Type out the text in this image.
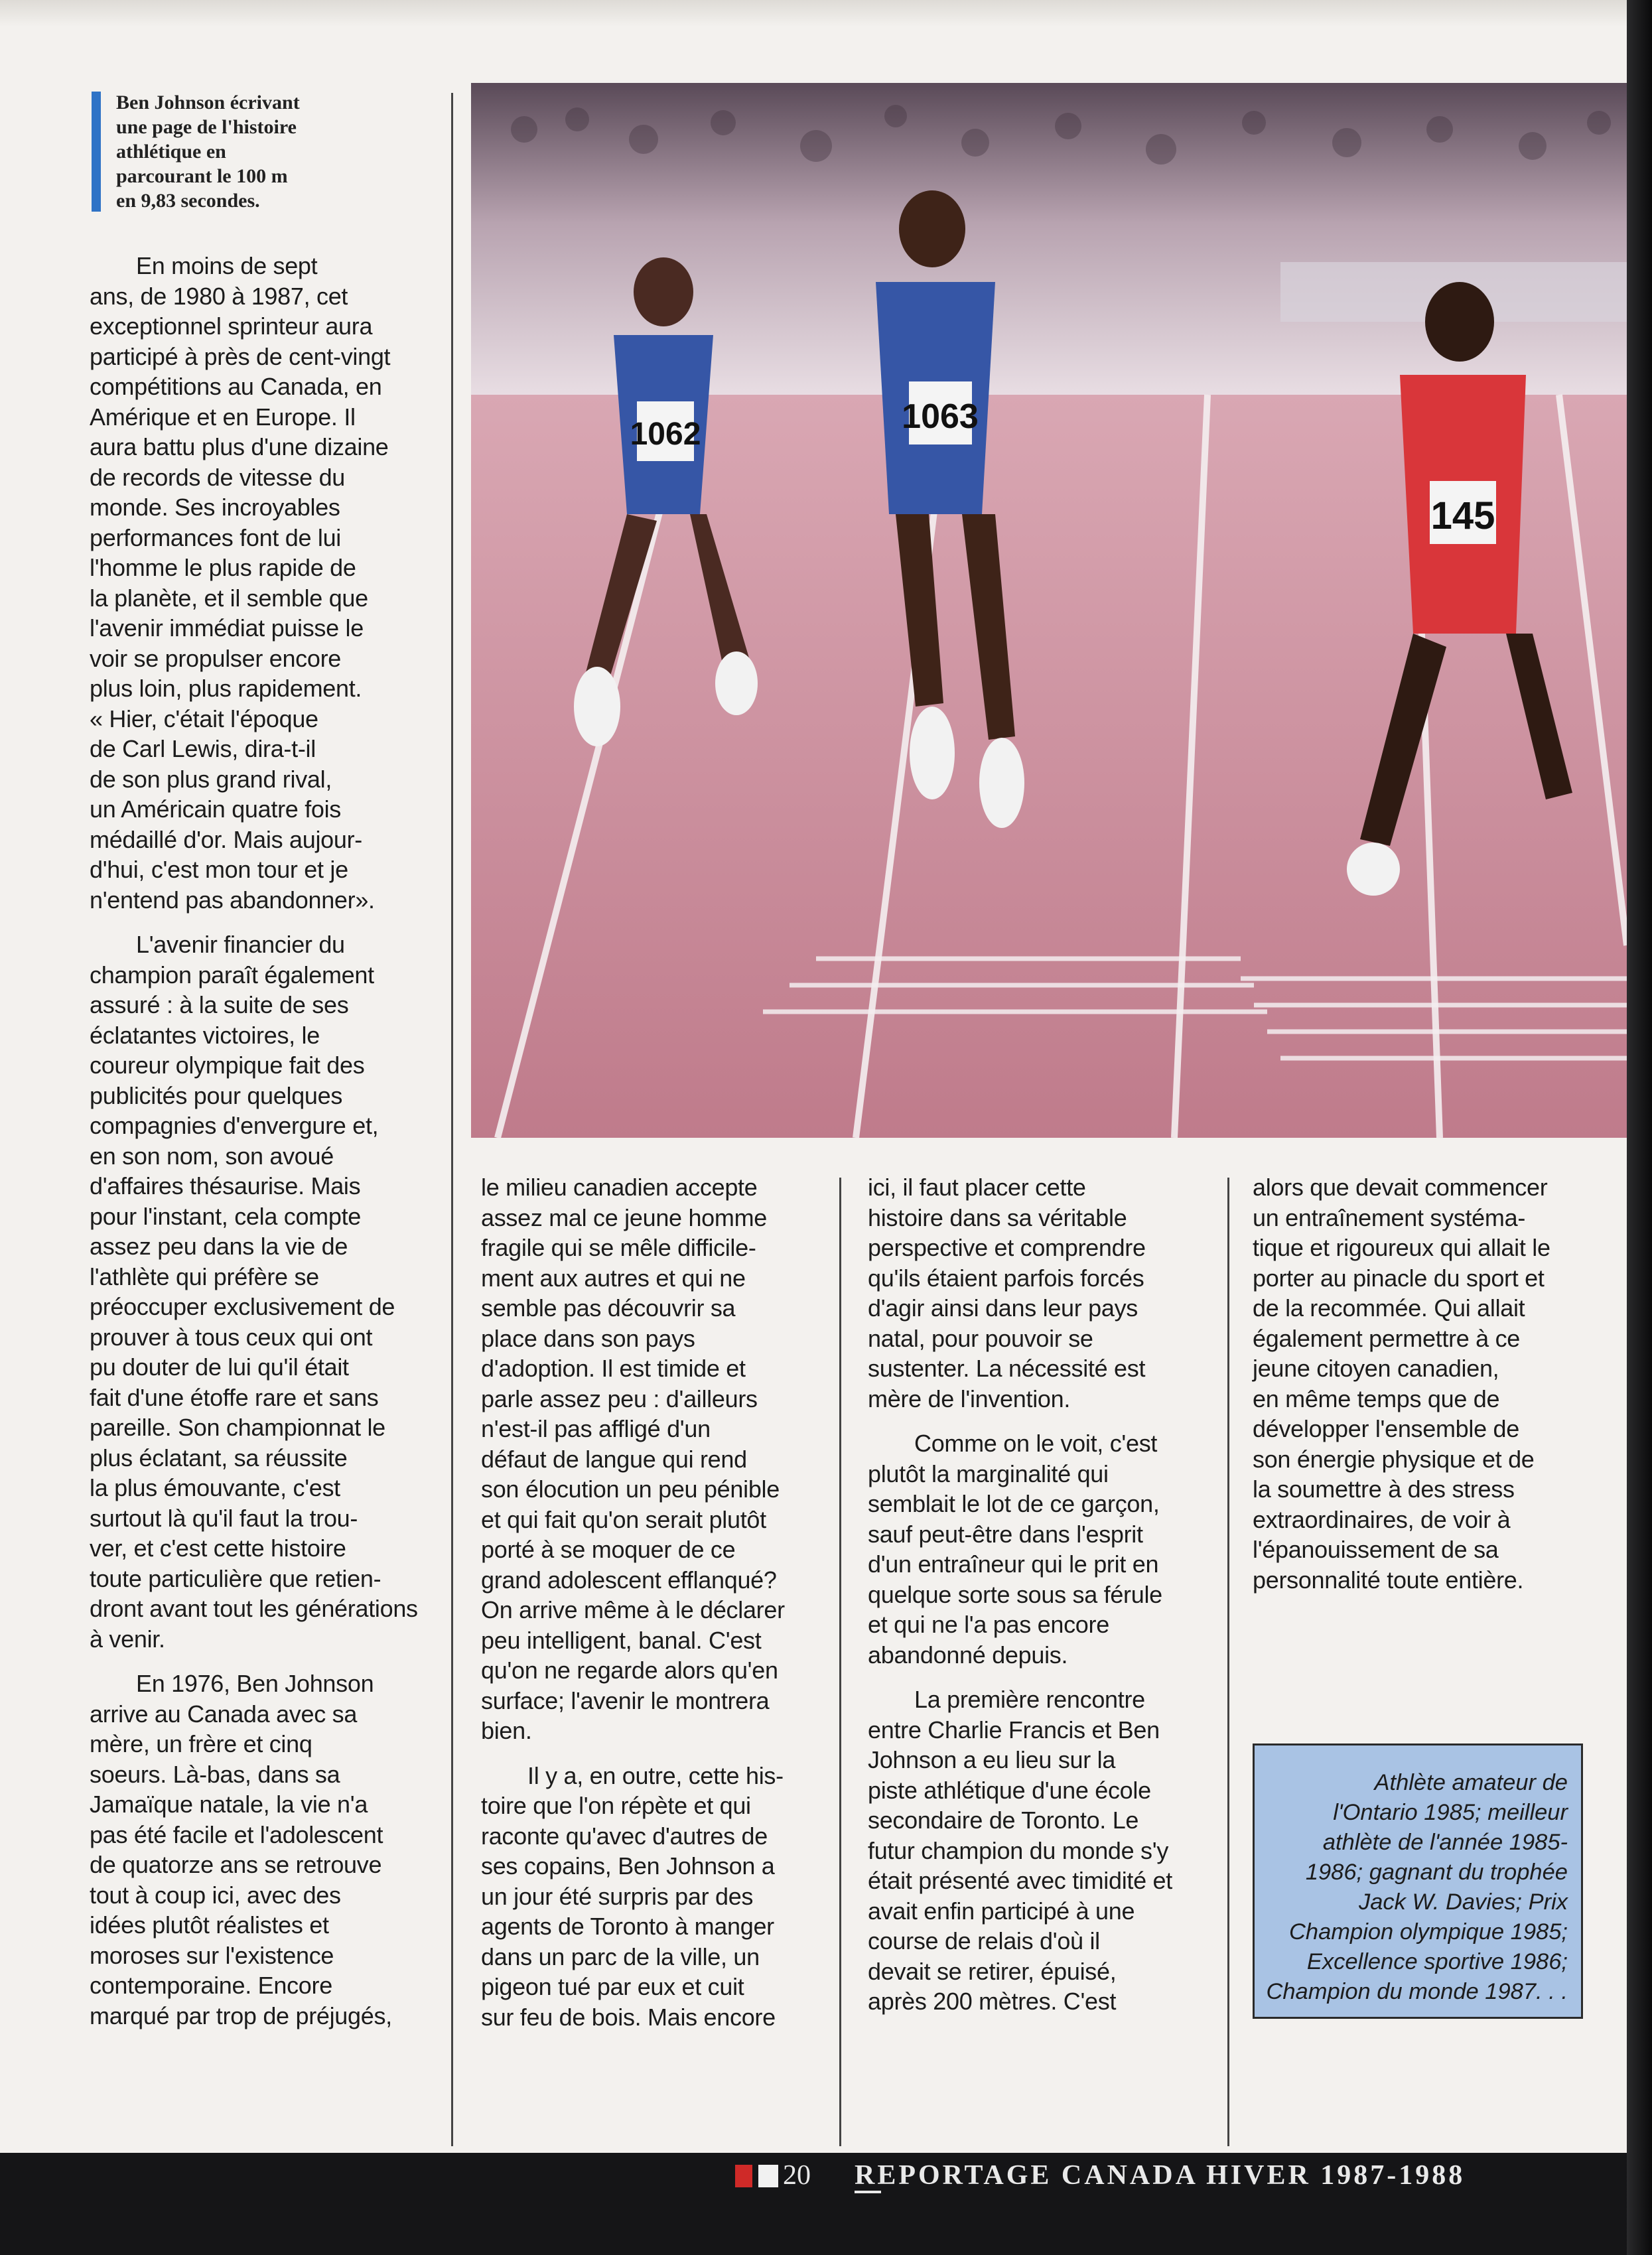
Ben Johnson écrivant
une page de l'histoire
athlétique en
parcourant le 100 m
en 9,83 secondes.

1062	1063
145

En moins de sept
ans, de 1980 à 1987, cet
exceptionnel sprinteur aura
participé à près de cent-vingt
compétitions au Canada, en
Amérique et en Europe. Il
aura battu plus d'une dizaine
de records de vitesse du
monde. Ses incroyables
performances font de lui
l'homme le plus rapide de
la planète, et il semble que
l'avenir immédiat puisse le
voir se propulser encore
plus loin, plus rapidement.
« Hier, c'était l'époque
de Carl Lewis, dira-t-il
de son plus grand rival,
un Américain quatre fois
médaillé d'or. Mais aujour-
d'hui, c'est mon tour et je
n'entend pas abandonner».

L'avenir financier du
champion paraît également
assuré : à la suite de ses
éclatantes victoires, le
coureur olympique fait des
publicités pour quelques
compagnies d'envergure et,
en son nom, son avoué
d'affaires thésaurise. Mais
pour l'instant, cela compte
assez peu dans la vie de
l'athlète qui préfère se
préoccuper exclusivement de
prouver à tous ceux qui ont
pu douter de lui qu'il était
fait d'une étoffe rare et sans
pareille. Son championnat le
plus éclatant, sa réussite
la plus émouvante, c'est
surtout là qu'il faut la trou-
ver, et c'est cette histoire
toute particulière que retien-
dront avant tout les générations
à venir.

En 1976, Ben Johnson
arrive au Canada avec sa
mère, un frère et cinq
soeurs. Là-bas, dans sa
Jamaïque natale, la vie n'a
pas été facile et l'adolescent
de quatorze ans se retrouve
tout à coup ici, avec des
idées plutôt réalistes et
moroses sur l'existence
contemporaine. Encore
marqué par trop de préjugés,

le milieu canadien accepte
assez mal ce jeune homme
fragile qui se mêle difficile-
ment aux autres et qui ne
semble pas découvrir sa
place dans son pays
d'adoption. Il est timide et
parle assez peu : d'ailleurs
n'est-il pas affligé d'un
défaut de langue qui rend
son élocution un peu pénible
et qui fait qu'on serait plutôt
porté à se moquer de ce
grand adolescent efflanqué?
On arrive même à le déclarer
peu intelligent, banal. C'est
qu'on ne regarde alors qu'en
surface; l'avenir le montrera
bien.

Il y a, en outre, cette his-
toire que l'on répète et qui
raconte qu'avec d'autres de
ses copains, Ben Johnson a
un jour été surpris par des
agents de Toronto à manger
dans un parc de la ville, un
pigeon tué par eux et cuit
sur feu de bois. Mais encore

ici, il faut placer cette
histoire dans sa véritable
perspective et comprendre
qu'ils étaient parfois forcés
d'agir ainsi dans leur pays
natal, pour pouvoir se
sustenter. La nécessité est
mère de l'invention.

Comme on le voit, c'est
plutôt la marginalité qui
semblait le lot de ce garçon,
sauf peut-être dans l'esprit
d'un entraîneur qui le prit en
quelque sorte sous sa férule
et qui ne l'a pas encore
abandonné depuis.

La première rencontre
entre Charlie Francis et Ben
Johnson a eu lieu sur la
piste athlétique d'une école
secondaire de Toronto. Le
futur champion du monde s'y
était présenté avec timidité et
avait enfin participé à une
course de relais d'où il
devait se retirer, épuisé,
après 200 mètres. C'est

alors que devait commencer
un entraînement systéma-
tique et rigoureux qui allait le
porter au pinacle du sport et
de la recommée. Qui allait
également permettre à ce
jeune citoyen canadien,
en même temps que de
développer l'ensemble de
son énergie physique et de
la soumettre à des stress
extraordinaires, de voir à
l'épanouissement de sa
personnalité toute entière.

Athlète amateur de
l'Ontario 1985; meilleur
athlète de l'année 1985-
1986; gagnant du trophée
Jack W. Davies; Prix
Champion olympique 1985;
Excellence sportive 1986;
Champion du monde 1987. . .

20 REPORTAGE CANADA HIVER 1987-1988
